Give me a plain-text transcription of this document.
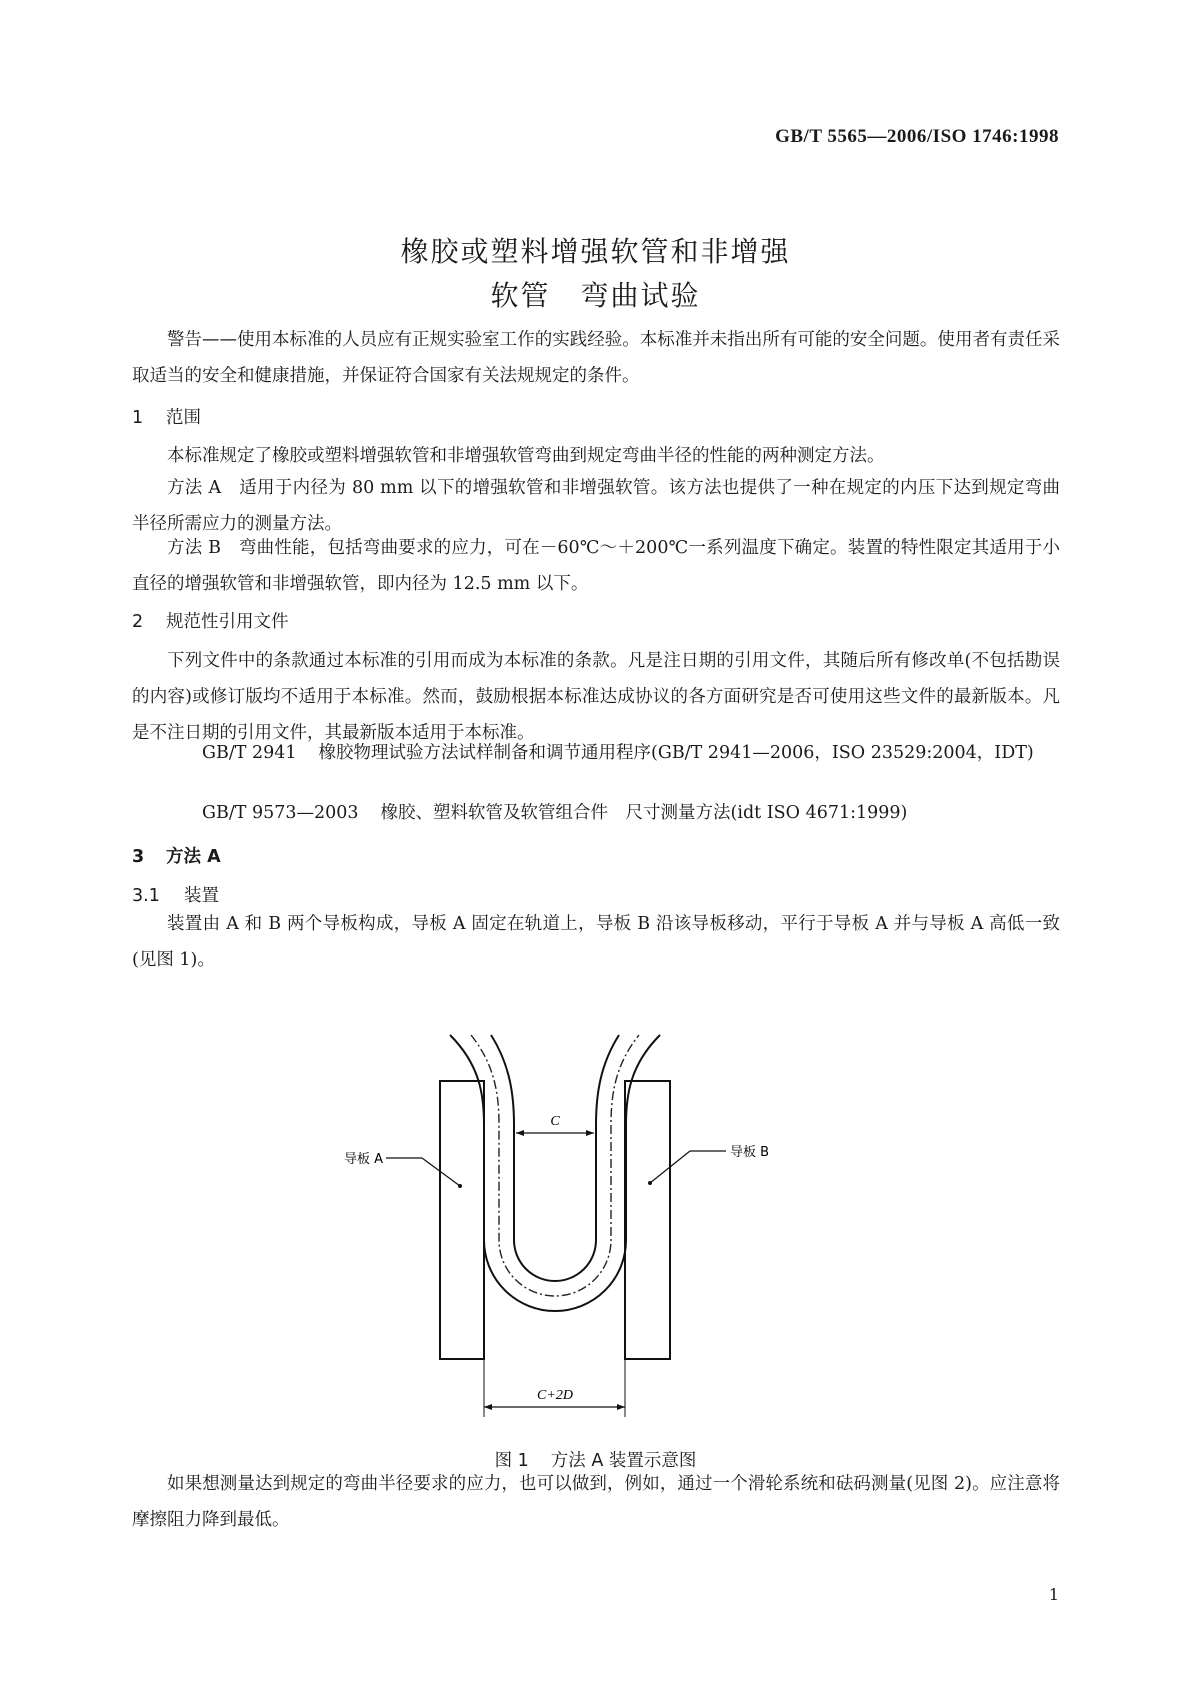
GB/T 5565—2006/ISO 1746:1998
橡胶或塑料增强软管和非增强
软管 弯曲试验
警告——使用本标准的人员应有正规实验室工作的实践经验。本标准并未指出所有可能的安全问题。使用者有责任采取适当的安全和健康措施，并保证符合国家有关法规规定的条件。
1 范围
本标准规定了橡胶或塑料增强软管和非增强软管弯曲到规定弯曲半径的性能的两种测定方法。
方法 A　适用于内径为 80 mm 以下的增强软管和非增强软管。该方法也提供了一种在规定的内压下达到规定弯曲半径所需应力的测量方法。
方法 B　弯曲性能，包括弯曲要求的应力，可在－60℃～＋200℃一系列温度下确定。装置的特性限定其适用于小直径的增强软管和非增强软管，即内径为 12.5 mm 以下。
2 规范性引用文件
下列文件中的条款通过本标准的引用而成为本标准的条款。凡是注日期的引用文件，其随后所有修改单(不包括勘误的内容)或修订版均不适用于本标准。然而，鼓励根据本标准达成协议的各方面研究是否可使用这些文件的最新版本。凡是不注日期的引用文件，其最新版本适用于本标准。
GB/T 2941 橡胶物理试验方法试样制备和调节通用程序(GB/T 2941—2006，ISO 23529:2004，IDT)
GB/T 9573—2003 橡胶、塑料软管及软管组合件　尺寸测量方法(idt ISO 4671:1999)
3 方法 A
3.1 装置
装置由 A 和 B 两个导板构成，导板 A 固定在轨道上，导板 B 沿该导板移动，平行于导板 A 并与导板 A 高低一致(见图 1)。
C
C+2D
导板 A	导板 B
图 1 方法 A 装置示意图
如果想测量达到规定的弯曲半径要求的应力，也可以做到，例如，通过一个滑轮系统和砝码测量(见图 2)。应注意将摩擦阻力降到最低。
1
